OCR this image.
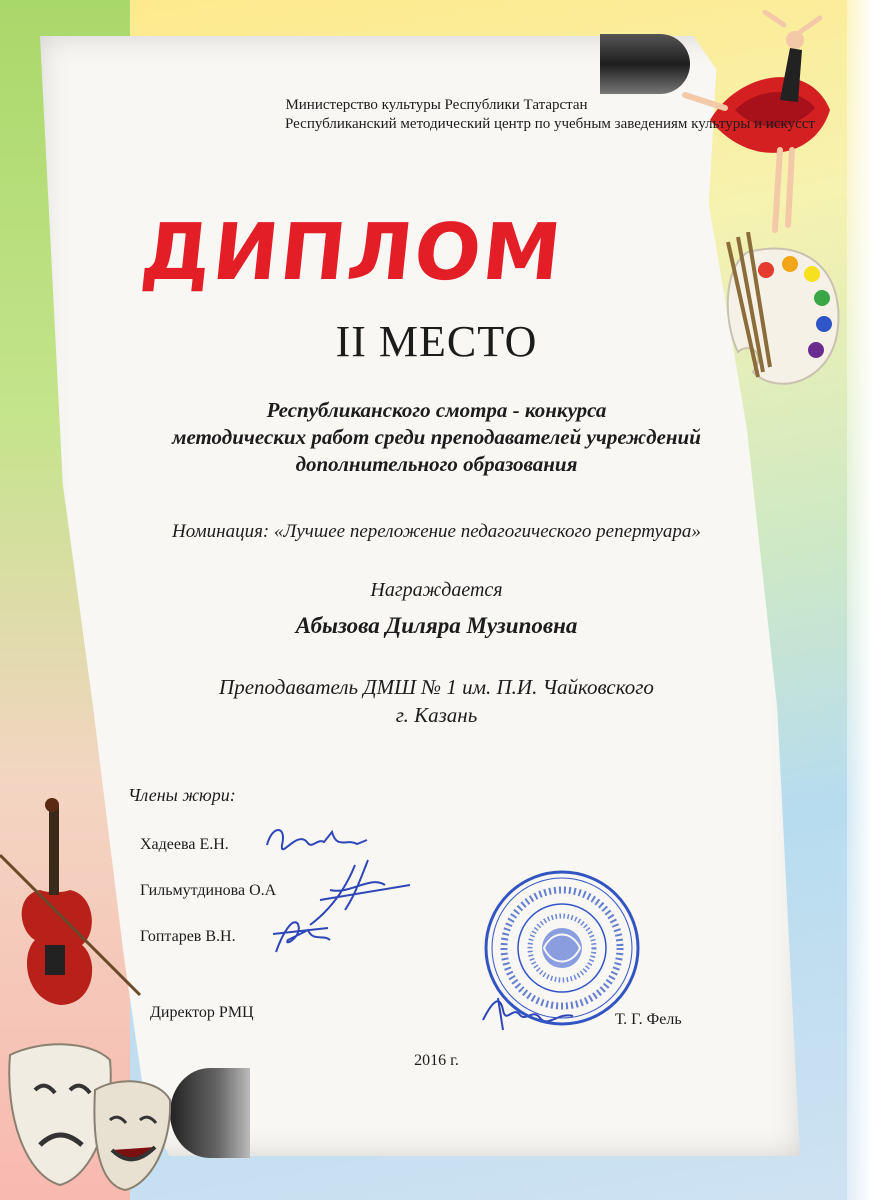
Министерство культуры Республики Татарстан
Республиканский методический центр по учебным заведениям культуры и искусст
ДИПЛОМ
II МЕСТО
Республиканского смотра - конкурса
методических работ среди преподавателей учреждений
дополнительного образования
Номинация: «Лучшее переложение педагогического репертуара»
Награждается
Абызова Диляра Музиповна
Преподаватель ДМШ № 1 им. П.И. Чайковского
г. Казань
Члены жюри:
Хадеева Е.Н.
Гильмутдинова О.А
Гоптарев В.Н.
Директор РМЦ	Т. Г. Фель
2016 г.
